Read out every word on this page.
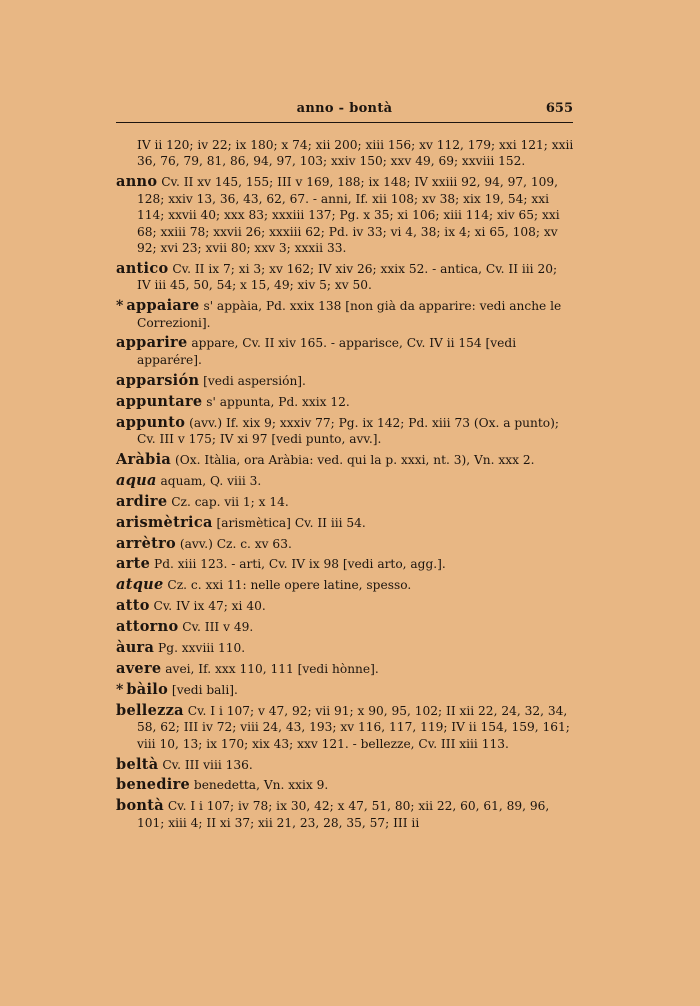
anno - bontà	655
IV ii 120; iv 22; ix 180; x 74; xii 200; xiii 156; xv 112, 179; xxi 121; xxii 36, 76, 79, 81, 86, 94, 97, 103; xxiv 150; xxv 49, 69; xxviii 152.
anno Cv. II xv 145, 155; III v 169, 188; ix 148; IV xxiii 92, 94, 97, 109, 128; xxiv 13, 36, 43, 62, 67. - anni, If. xii 108; xv 38; xix 19, 54; xxi 114; xxvii 40; xxx 83; xxxiii 137; Pg. x 35; xi 106; xiii 114; xiv 65; xxi 68; xxiii 78; xxvii 26; xxxiii 62; Pd. iv 33; vi 4, 38; ix 4; xi 65, 108; xv 92; xvi 23; xvii 80; xxv 3; xxxii 33.
antico Cv. II ix 7; xi 3; xv 162; IV xiv 26; xxix 52. - antica, Cv. II iii 20; IV iii 45, 50, 54; x 15, 49; xiv 5; xv 50.
* appaiare s' appàia, Pd. xxix 138 [non già da apparire: vedi anche le Correzioni].
apparire appare, Cv. II xiv 165. - apparisce, Cv. IV ii 154 [vedi apparére].
apparsión [vedi aspersión].
appuntare s' appunta, Pd. xxix 12.
appunto (avv.) If. xix 9; xxxiv 77; Pg. ix 142; Pd. xiii 73 (Ox. a punto); Cv. III v 175; IV xi 97 [vedi punto, avv.].
Aràbia (Ox. Itàlia, ora Aràbia: ved. qui la p. xxxi, nt. 3), Vn. xxx 2.
aqua aquam, Q. viii 3.
ardire Cz. cap. vii 1; x 14.
arismètrica [arismètica] Cv. II iii 54.
arrètro (avv.) Cz. c. xv 63.
arte Pd. xiii 123. - arti, Cv. IV ix 98 [vedi arto, agg.].
atque Cz. c. xxi 11: nelle opere latine, spesso.
atto Cv. IV ix 47; xi 40.
attorno Cv. III v 49.
àura Pg. xxviii 110.
avere avei, If. xxx 110, 111 [vedi hònne].
* bàilo [vedi bali].
bellezza Cv. I i 107; v 47, 92; vii 91; x 90, 95, 102; II xii 22, 24, 32, 34, 58, 62; III iv 72; viii 24, 43, 193; xv 116, 117, 119; IV ii 154, 159, 161; viii 10, 13; ix 170; xix 43; xxv 121. - bellezze, Cv. III xiii 113.
beltà Cv. III viii 136.
benedire benedetta, Vn. xxix 9.
bontà Cv. I i 107; iv 78; ix 30, 42; x 47, 51, 80; xii 22, 60, 61, 89, 96, 101; xiii 4; II xi 37; xii 21, 23, 28, 35, 57; III ii
